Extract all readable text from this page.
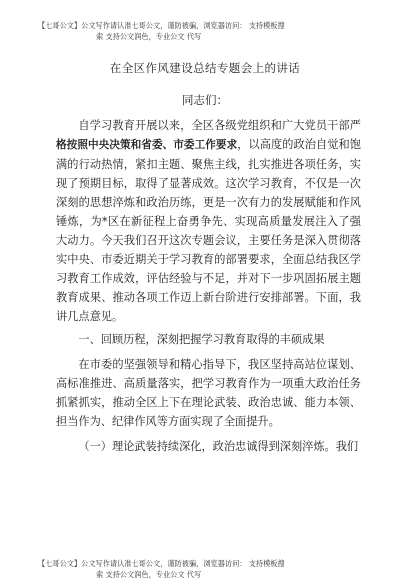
【七哥公文】公文写作请认准七哥公文，谨防被骗，浏览器访问： 支持模板搜
索 支持公文润色，专业公文 代写
在全区作风建设总结专题会上的讲话
同志们：

自学习教育开展以来，全区各级党组织和广大党员干部严格按照中央决策和省委、市委工作要求，以高度的政治自觉和饱满的行动热情，紧扣主题、聚焦主线，扎实推进各项任务，实现了预期目标，取得了显著成效。这次学习教育，不仅是一次深刻的思想淬炼和政治历练，更是一次有力的发展赋能和作风锤炼，为*区在新征程上奋勇争先、实现高质量发展注入了强大动力。今天我们召开这次专题会议，主要任务是深入贯彻落实中央、市委近期关于学习教育的部署要求，全面总结我区学习教育工作成效，评估经验与不足，并对下一步巩固拓展主题教育成果、推动各项工作迈上新台阶进行安排部署。下面，我讲几点意见。

一、回顾历程，深刻把握学习教育取得的丰硕成果

在市委的坚强领导和精心指导下，我区坚持高站位谋划、高标准推进、高质量落实，把学习教育作为一项重大政治任务抓紧抓实，推动全区上下在理论武装、政治忠诚、能力本领、担当作为、纪律作风等方面实现了全面提升。

（一）理论武装持续深化，政治忠诚得到深刻淬炼。我们

【七哥公文】公文写作请认准七哥公文，谨防被骗，浏览器访问： 支持模板搜
索 支持公文润色，专业公文 代写
